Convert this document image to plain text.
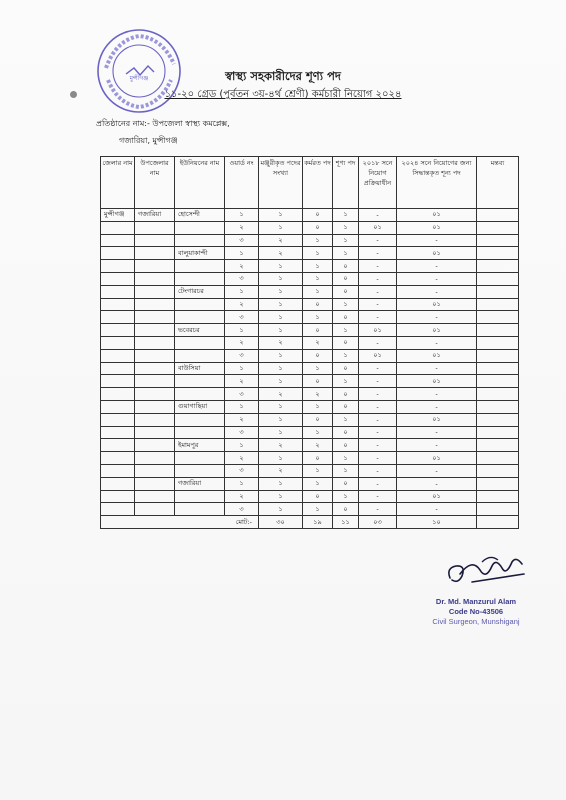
মুন্সীগঞ্জ	স্বাস্থ্য সহকারীদের শূণ্য পদ
১১-২০ গ্রেড (পুর্বতন ৩য়-৪র্থ শ্রেণী) কর্মচারী নিয়োগ ২০২৪
প্রতিষ্ঠানের নাম:- উপজেলা স্বাস্থ্য কমপ্লেক্স,
গজারিয়া, মুন্সীগঞ্জ
জেলার নাম	উপজেলার নাম	ইউনিয়নের নাম	ওয়ার্ড নং	মঞ্জুরীকৃত পদের সংখ্যা	কর্মরত পদ	শূণ্য পদ	২০১৮ সনে নিয়োগ প্রক্রিয়াধীন	২০২৪ সনে নিয়োগের জন্য সিদ্ধান্তকৃত শূন্য পদ	মন্তব্য
মুন্সীগঞ্জ	গজারিয়া	হোসেন্দী	১	১	০	১	-	০১	
			২	১	০	১	০১	০১	
			৩	২	১	১	-	-	
		বালুয়াকান্দী	১	২	১	১	-	০১	
			২	১	১	০	-	-	
			৩	১	১	০	-	-	
		টেংগারচর	১	১	১	০	-	-	
			২	১	০	১	-	০১	
			৩	১	১	০	-	-	
		ভবেরচর	১	১	০	১	০১	০১	
			২	২	২	০	-	-	
			৩	১	০	১	০১	০১	
		বাউসিয়া	১	১	১	০	-	-	
			২	১	০	১	-	০১	
			৩	২	২	০	-	-	
		গুয়াগাছিয়া	১	১	১	০	-	-	
			২	১	০	১	-	০১	
			৩	১	১	০	-	-	
		ইমামপুর	১	২	২	০	-	-	
			২	১	০	১	-	০১	
			৩	২	১	১	-	-	
		গজারিয়া	১	১	১	০	-	-	
			২	১	০	১	-	০১	
			৩	১	১	০	-	-	
মোট:-				৩০	১৯	১১	০৩	১০	
Dr. Md. Manzurul Alam
Code No-43506
Civil Surgeon, Munshiganj
